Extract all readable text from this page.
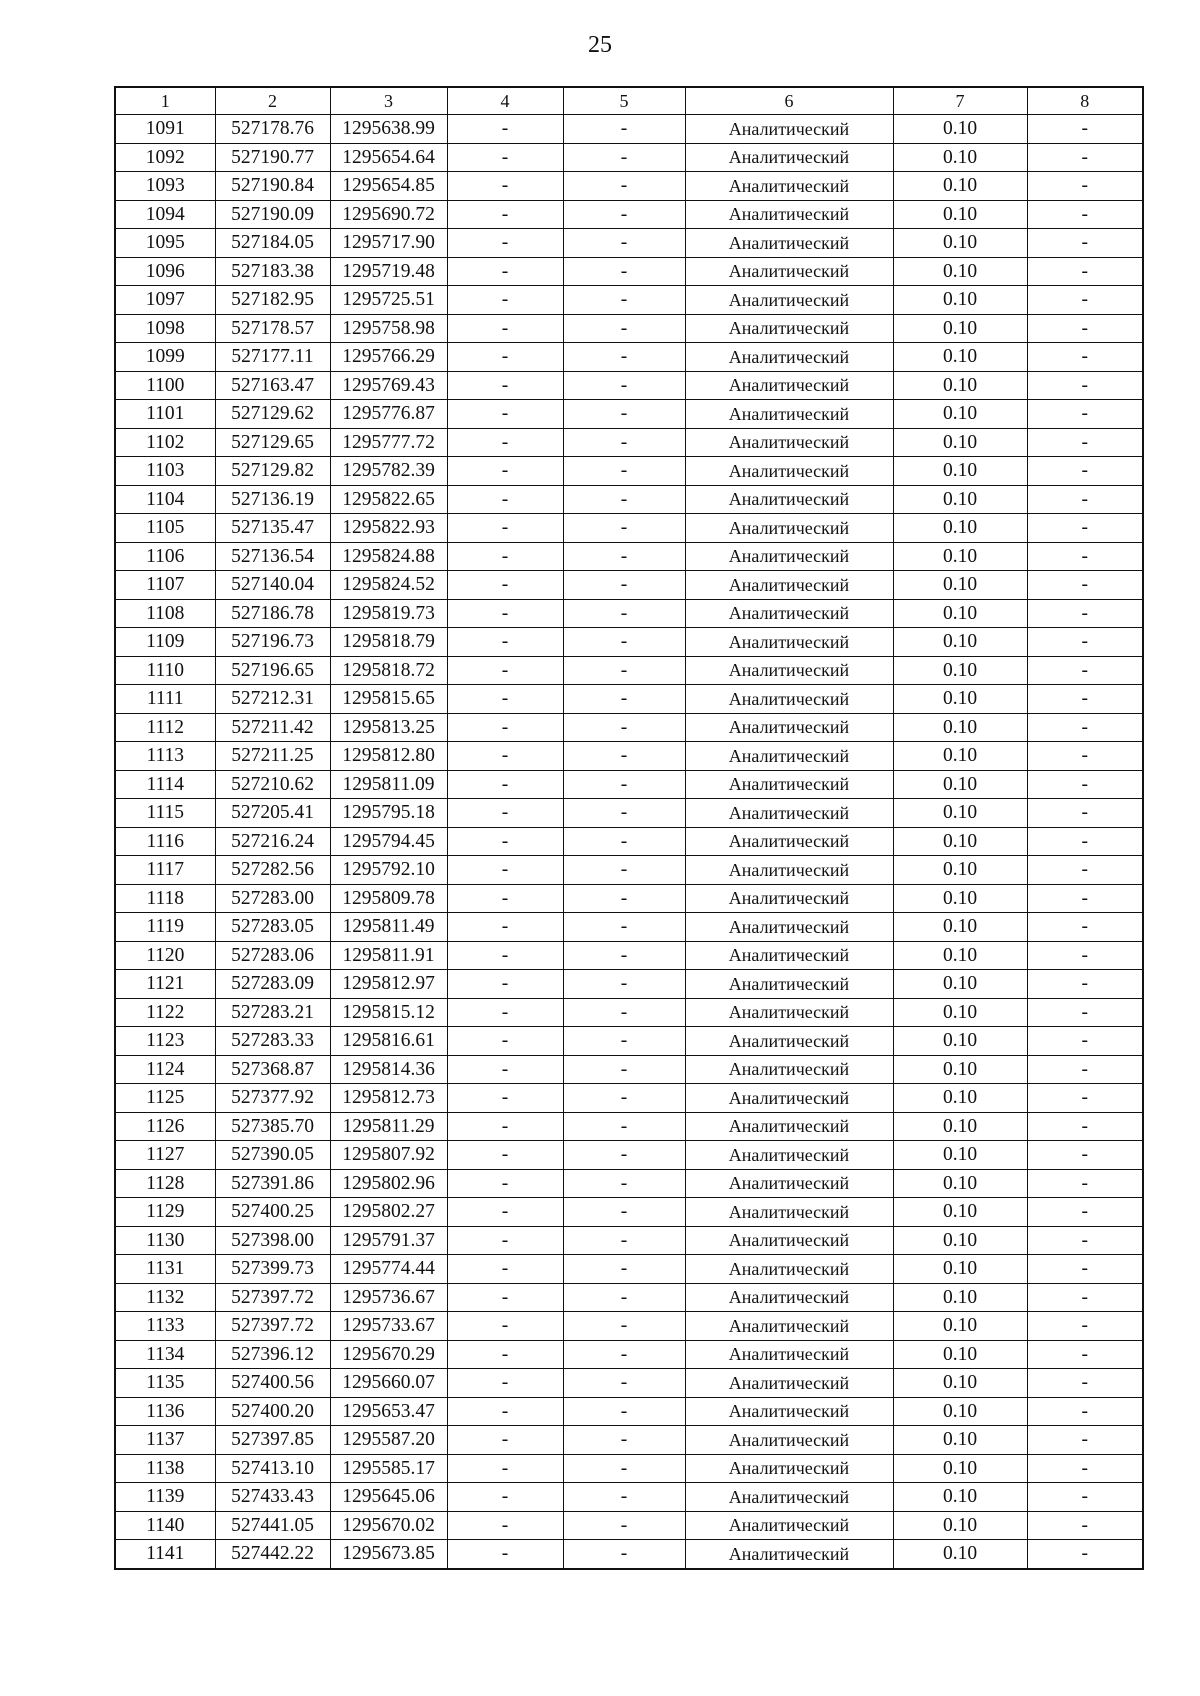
25
1	2	3	4	5	6	7	8
1091	527178.76	1295638.99	-	-	Аналитический	0.10	-
1092	527190.77	1295654.64	-	-	Аналитический	0.10	-
1093	527190.84	1295654.85	-	-	Аналитический	0.10	-
1094	527190.09	1295690.72	-	-	Аналитический	0.10	-
1095	527184.05	1295717.90	-	-	Аналитический	0.10	-
1096	527183.38	1295719.48	-	-	Аналитический	0.10	-
1097	527182.95	1295725.51	-	-	Аналитический	0.10	-
1098	527178.57	1295758.98	-	-	Аналитический	0.10	-
1099	527177.11	1295766.29	-	-	Аналитический	0.10	-
1100	527163.47	1295769.43	-	-	Аналитический	0.10	-
1101	527129.62	1295776.87	-	-	Аналитический	0.10	-
1102	527129.65	1295777.72	-	-	Аналитический	0.10	-
1103	527129.82	1295782.39	-	-	Аналитический	0.10	-
1104	527136.19	1295822.65	-	-	Аналитический	0.10	-
1105	527135.47	1295822.93	-	-	Аналитический	0.10	-
1106	527136.54	1295824.88	-	-	Аналитический	0.10	-
1107	527140.04	1295824.52	-	-	Аналитический	0.10	-
1108	527186.78	1295819.73	-	-	Аналитический	0.10	-
1109	527196.73	1295818.79	-	-	Аналитический	0.10	-
1110	527196.65	1295818.72	-	-	Аналитический	0.10	-
1111	527212.31	1295815.65	-	-	Аналитический	0.10	-
1112	527211.42	1295813.25	-	-	Аналитический	0.10	-
1113	527211.25	1295812.80	-	-	Аналитический	0.10	-
1114	527210.62	1295811.09	-	-	Аналитический	0.10	-
1115	527205.41	1295795.18	-	-	Аналитический	0.10	-
1116	527216.24	1295794.45	-	-	Аналитический	0.10	-
1117	527282.56	1295792.10	-	-	Аналитический	0.10	-
1118	527283.00	1295809.78	-	-	Аналитический	0.10	-
1119	527283.05	1295811.49	-	-	Аналитический	0.10	-
1120	527283.06	1295811.91	-	-	Аналитический	0.10	-
1121	527283.09	1295812.97	-	-	Аналитический	0.10	-
1122	527283.21	1295815.12	-	-	Аналитический	0.10	-
1123	527283.33	1295816.61	-	-	Аналитический	0.10	-
1124	527368.87	1295814.36	-	-	Аналитический	0.10	-
1125	527377.92	1295812.73	-	-	Аналитический	0.10	-
1126	527385.70	1295811.29	-	-	Аналитический	0.10	-
1127	527390.05	1295807.92	-	-	Аналитический	0.10	-
1128	527391.86	1295802.96	-	-	Аналитический	0.10	-
1129	527400.25	1295802.27	-	-	Аналитический	0.10	-
1130	527398.00	1295791.37	-	-	Аналитический	0.10	-
1131	527399.73	1295774.44	-	-	Аналитический	0.10	-
1132	527397.72	1295736.67	-	-	Аналитический	0.10	-
1133	527397.72	1295733.67	-	-	Аналитический	0.10	-
1134	527396.12	1295670.29	-	-	Аналитический	0.10	-
1135	527400.56	1295660.07	-	-	Аналитический	0.10	-
1136	527400.20	1295653.47	-	-	Аналитический	0.10	-
1137	527397.85	1295587.20	-	-	Аналитический	0.10	-
1138	527413.10	1295585.17	-	-	Аналитический	0.10	-
1139	527433.43	1295645.06	-	-	Аналитический	0.10	-
1140	527441.05	1295670.02	-	-	Аналитический	0.10	-
1141	527442.22	1295673.85	-	-	Аналитический	0.10	-
